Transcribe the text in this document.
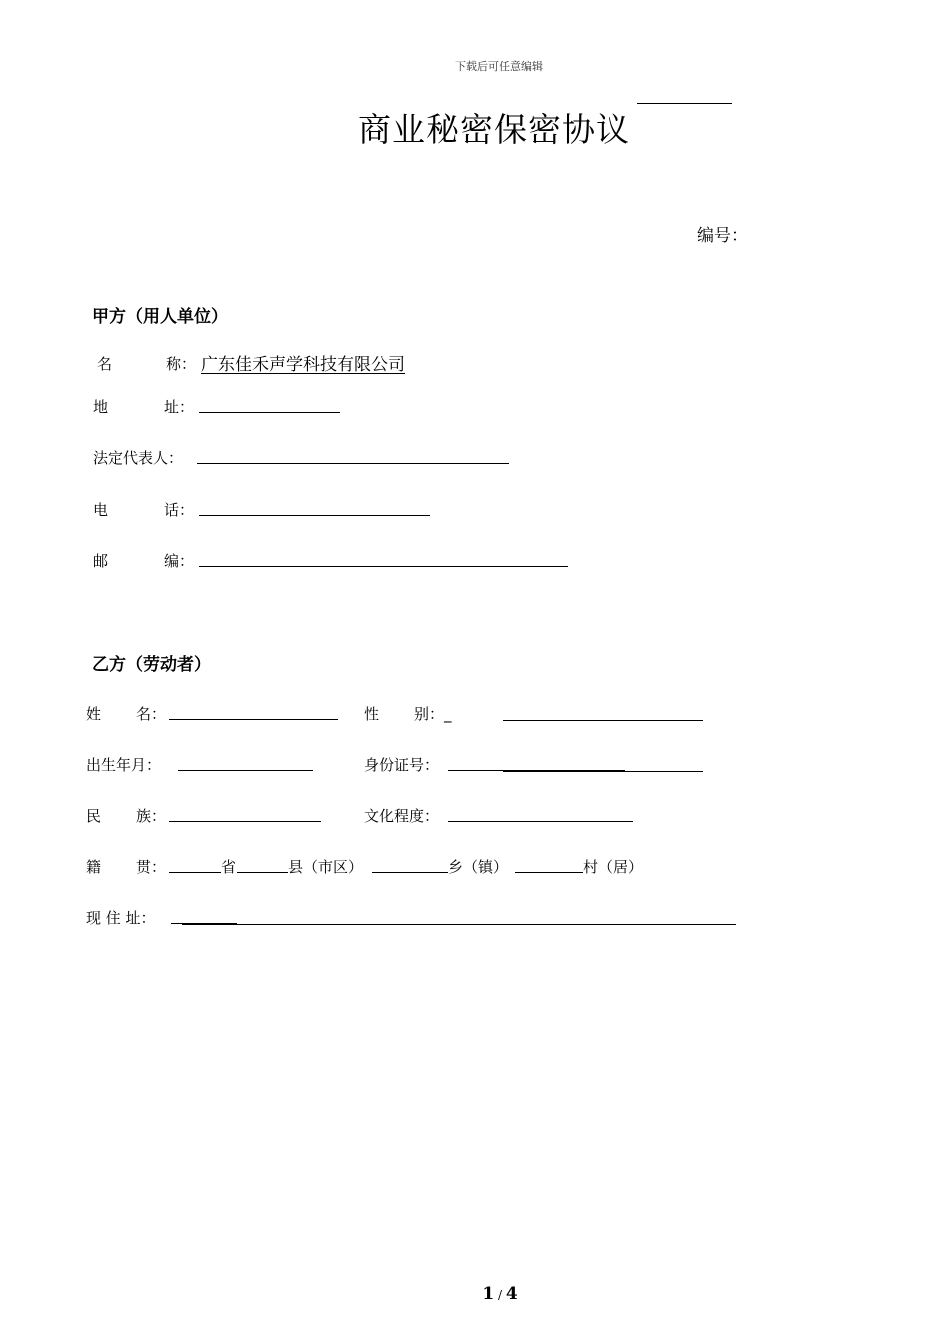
下载后可任意编辑
商业秘密保密协议
编号：
甲方（用人单位）
名	称： 广东佳禾声学科技有限公司
地	址：
法定代表人：
电	话：
邮	编：
乙方（劳动者）
姓 名：	性 别：_
出生年月：	身份证号：
民 族：	文化程度：
籍 贯：	省	县（市区）	乡（镇）	村（居）
现 住 址：
1 / 4
